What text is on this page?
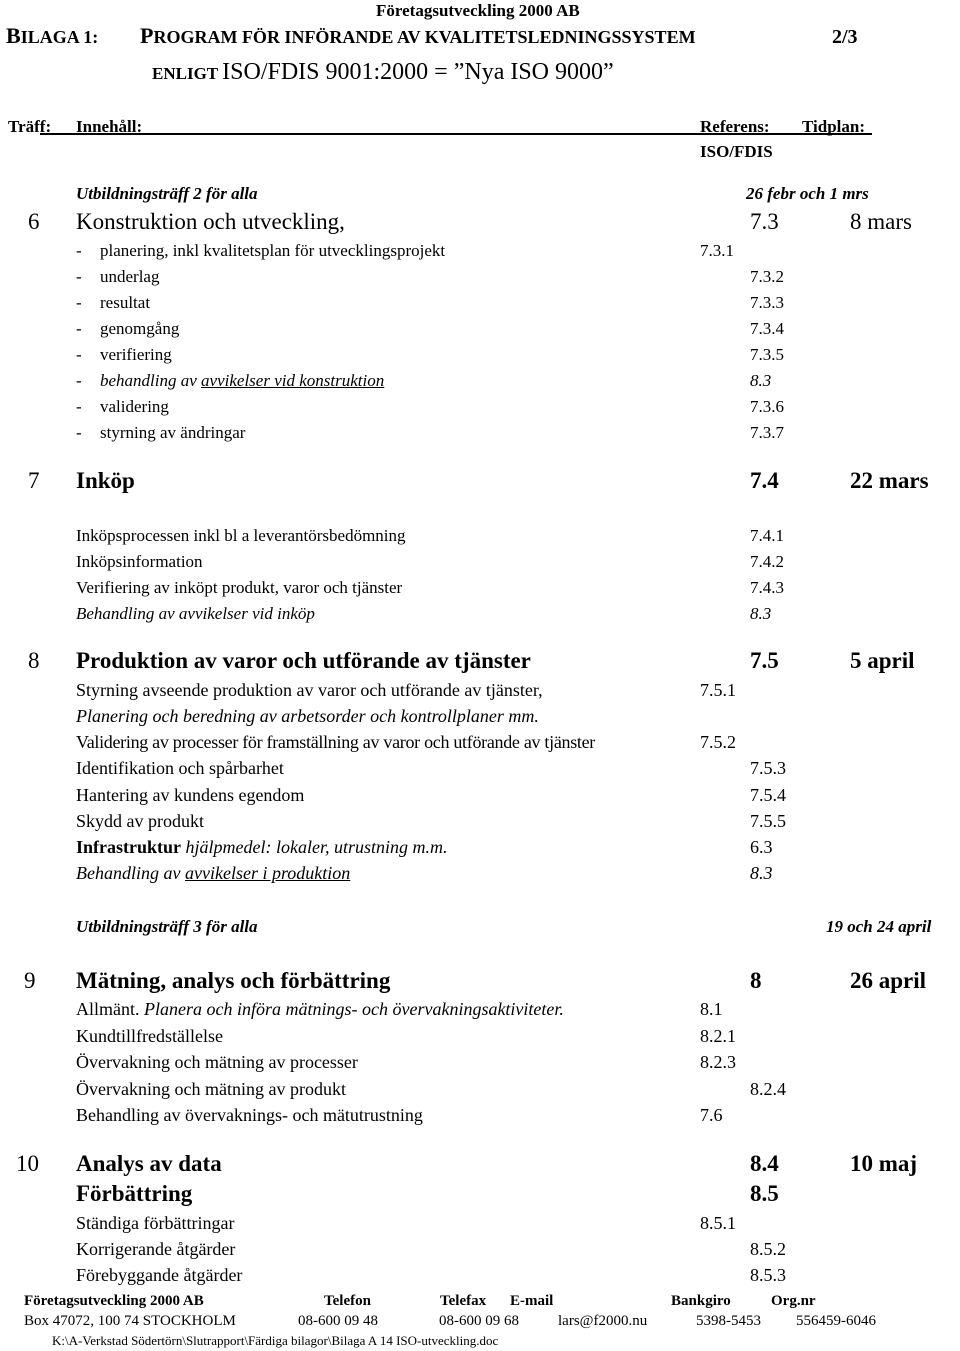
Företagsutveckling 2000 AB
BILAGA 1: PROGRAM FÖR INFÖRANDE AV KVALITETSLEDNINGSSYSTEM	2/3
ENLIGT ISO/FDIS 9001:2000 = ”Nya ISO 9000”
Träff: Innehåll:	Referens: Tidplan:
ISO/FDIS
Utbildningsträff 2 för alla	26 febr och 1 mrs
6 Konstruktion och utveckling,	7.3	8 mars
- planering, inkl kvalitetsplan för utvecklingsprojekt	7.3.1
- underlag	7.3.2
- resultat	7.3.3
- genomgång	7.3.4
- verifiering	7.3.5
- behandling av avvikelser vid konstruktion	8.3
- validering	7.3.6
- styrning av ändringar	7.3.7
7 Inköp	7.4	22 mars
Inköpsprocessen inkl bl a leverantörsbedömning	7.4.1
Inköpsinformation	7.4.2
Verifiering av inköpt produkt, varor och tjänster	7.4.3
Behandling av avvikelser vid inköp	8.3
8 Produktion av varor och utförande av tjänster	7.5	5 april
Styrning avseende produktion av varor och utförande av tjänster,	7.5.1
Planering och beredning av arbetsorder och kontrollplaner mm.
Validering av processer för framställning av varor och utförande av tjänster	7.5.2
Identifikation och spårbarhet	7.5.3
Hantering av kundens egendom	7.5.4
Skydd av produkt	7.5.5
Infrastruktur hjälpmedel: lokaler, utrustning m.m.	6.3
Behandling av avvikelser i produktion	8.3
Utbildningsträff 3 för alla	19 och 24 april
9 Mätning, analys och förbättring	8	26 april
Allmänt. Planera och införa mätnings- och övervakningsaktiviteter.	8.1
Kundtillfredställelse	8.2.1
Övervakning och mätning av processer	8.2.3
Övervakning och mätning av produkt	8.2.4
Behandling av övervaknings- och mätutrustning	7.6
10 Analys av data	8.4	10 maj
Förbättring	8.5
Ständiga förbättringar	8.5.1
Korrigerande åtgärder	8.5.2
Förebyggande åtgärder	8.5.3
Företagsutveckling 2000 AB	Telefon	Telefax E-mail	Bankgiro	Org.nr
Box 47072, 100 74 STOCKHOLM	08-600 09 48	08-600 09 68	lars@f2000.nu	5398-5453 556459-6046
K:\A-Verkstad Södertörn\Slutrapport\Färdiga bilagor\Bilaga A 14 ISO-utveckling.doc
